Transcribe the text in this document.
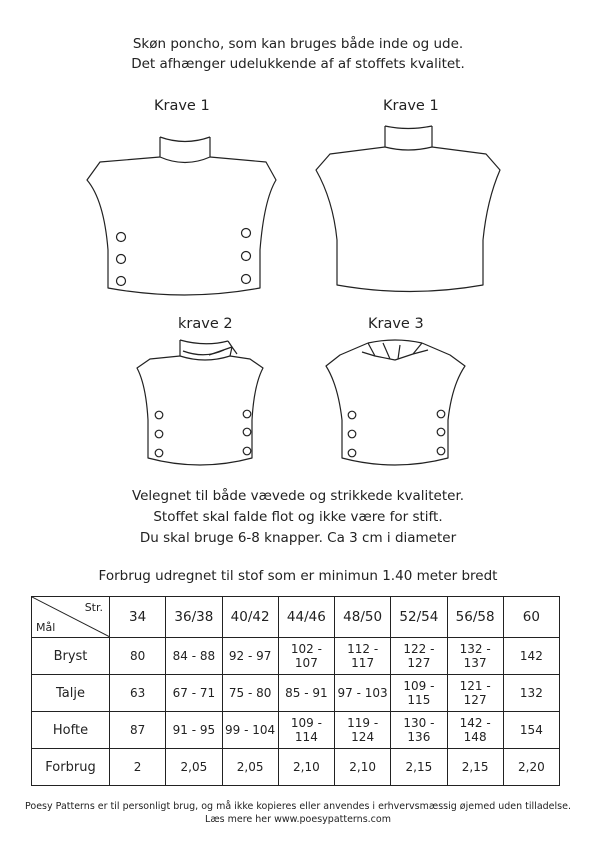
Skøn poncho, som kan bruges både inde og ude.
Det afhænger udelukkende af af stoffets kvalitet.
Krave 1	Krave 1
krave 2	Krave 3
Velegnet til både vævede og strikkede kvaliteter.
Stoffet skal falde flot og ikke være for stift.
Du skal bruge 6-8 knapper. Ca 3 cm i diameter
Forbrug udregnet til stof som er minimun 1.40 meter bredt
Str.
Mål	34	36/38	40/42	44/46	48/50	52/54	56/58	60
Bryst	80	84 - 88	92 - 97	102 - 107	112 - 117	122 - 127	132 - 137	142
Talje	63	67 - 71	75 - 80	85 - 91	97 - 103	109 - 115	121 - 127	132
Hofte	87	91 - 95	99 - 104	109 - 114	119 - 124	130 - 136	142 - 148	154
Forbrug	2	2,05	2,05	2,10	2,10	2,15	2,15	2,20
Poesy Patterns er til personligt brug, og må ikke kopieres eller anvendes i erhvervsmæssig øjemed uden tilladelse.
Læs mere her www.poesypatterns.com
